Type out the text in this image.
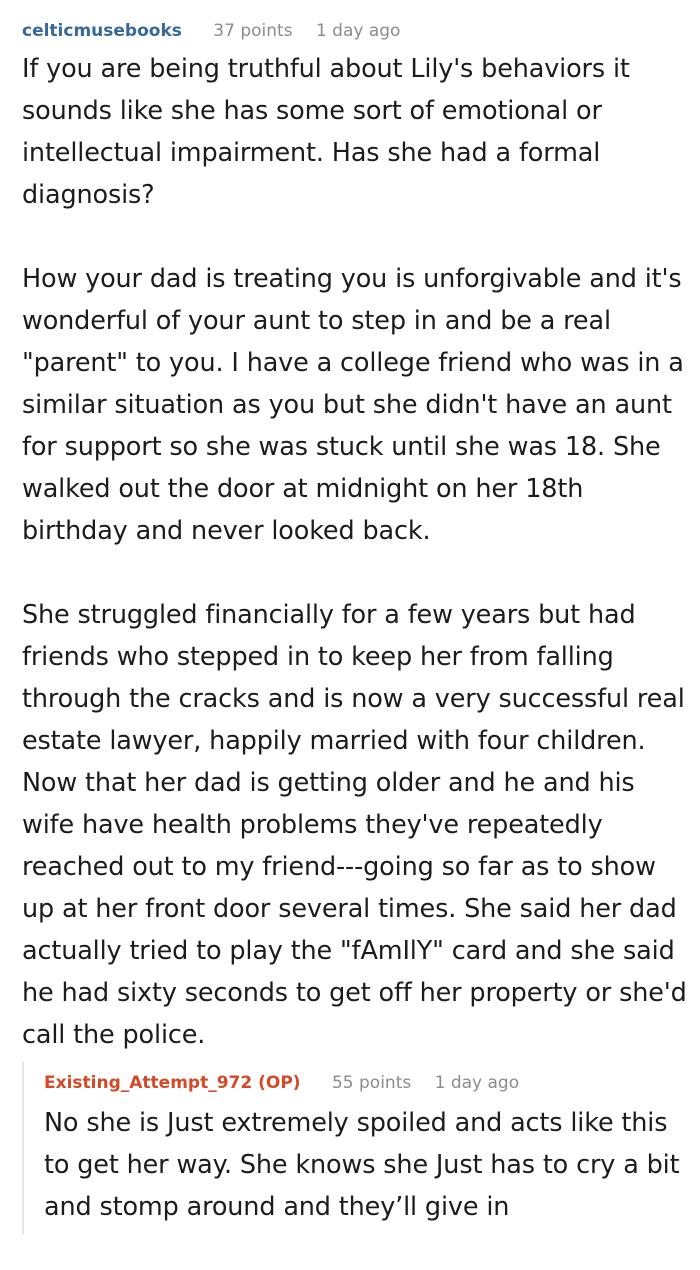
celticmusebooks 37 points 1 day ago

If you are being truthful about Lily's behaviors it sounds like she has some sort of emotional or intellectual impairment. Has she had a formal diagnosis?

How your dad is treating you is unforgivable and it's wonderful of your aunt to step in and be a real "parent" to you. I have a college friend who was in a similar situation as you but she didn't have an aunt for support so she was stuck until she was 18. She walked out the door at midnight on her 18th birthday and never looked back.

She struggled financially for a few years but had friends who stepped in to keep her from falling through the cracks and is now a very successful real estate lawyer, happily married with four children. Now that her dad is getting older and he and his wife have health problems they've repeatedly reached out to my friend---going so far as to show up at her front door several times. She said her dad actually tried to play the "fAmIlY" card and she said he had sixty seconds to get off her property or she'd call the police.

Existing_Attempt_972 (OP) 55 points 1 day ago

No she is Just extremely spoiled and acts like this to get her way. She knows she Just has to cry a bit and stomp around and they’ll give in
